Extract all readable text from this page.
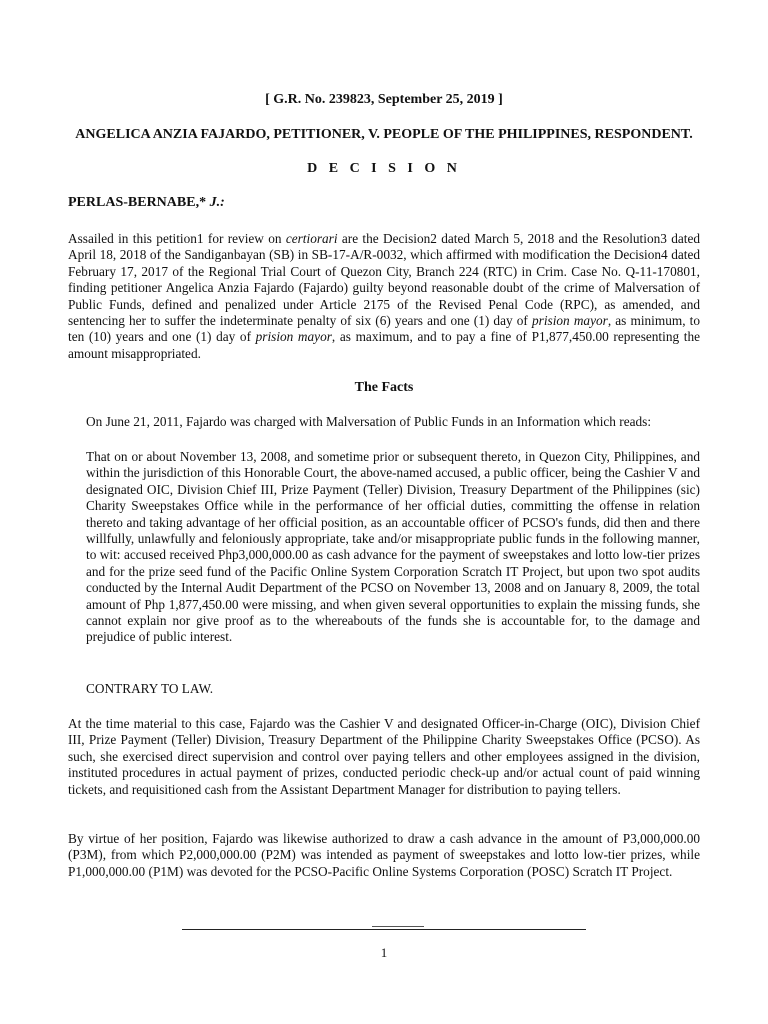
[ G.R. No. 239823, September 25, 2019 ]
ANGELICA ANZIA FAJARDO, PETITIONER, V. PEOPLE OF THE PHILIPPINES, RESPONDENT.
D E C I S I O N
PERLAS-BERNABE,* J.:

Assailed in this petition1 for review on certiorari are the Decision2 dated March 5, 2018 and the Resolution3 dated April 18, 2018 of the Sandiganbayan (SB) in SB-17-A/R-0032, which affirmed with modification the Decision4 dated February 17, 2017 of the Regional Trial Court of Quezon City, Branch 224 (RTC) in Crim. Case No. Q-11-170801, finding petitioner Angelica Anzia Fajardo (Fajardo) guilty beyond reasonable doubt of the crime of Malversation of Public Funds, defined and penalized under Article 2175 of the Revised Penal Code (RPC), as amended, and sentencing her to suffer the indeterminate penalty of six (6) years and one (1) day of prision mayor, as minimum, to ten (10) years and one (1) day of prision mayor, as maximum, and to pay a fine of P1,877,450.00 representing the amount misappropriated.

The Facts

On June 21, 2011, Fajardo was charged with Malversation of Public Funds in an Information which reads:

That on or about November 13, 2008, and sometime prior or subsequent thereto, in Quezon City, Philippines, and within the jurisdiction of this Honorable Court, the above-named accused, a public officer, being the Cashier V and designated OIC, Division Chief III, Prize Payment (Teller) Division, Treasury Department of the Philippines (sic) Charity Sweepstakes Office while in the performance of her official duties, committing the offense in relation thereto and taking advantage of her official position, as an accountable officer of PCSO's funds, did then and there willfully, unlawfully and feloniously appropriate, take and/or misappropriate public funds in the following manner, to wit: accused received Php3,000,000.00 as cash advance for the payment of sweepstakes and lotto low-tier prizes and for the prize seed fund of the Pacific Online System Corporation Scratch IT Project, but upon two spot audits conducted by the Internal Audit Department of the PCSO on November 13, 2008 and on January 8, 2009, the total amount of Php 1,877,450.00 were missing, and when given several opportunities to explain the missing funds, she cannot explain nor give proof as to the whereabouts of the funds she is accountable for, to the damage and prejudice of public interest.

CONTRARY TO LAW.

At the time material to this case, Fajardo was the Cashier V and designated Officer-in-Charge (OIC), Division Chief III, Prize Payment (Teller) Division, Treasury Department of the Philippine Charity Sweepstakes Office (PCSO). As such, she exercised direct supervision and control over paying tellers and other employees assigned in the division, instituted procedures in actual payment of prizes, conducted periodic check-up and/or actual count of paid winning tickets, and requisitioned cash from the Assistant Department Manager for distribution to paying tellers.

By virtue of her position, Fajardo was likewise authorized to draw a cash advance in the amount of P3,000,000.00 (P3M), from which P2,000,000.00 (P2M) was intended as payment of sweepstakes and lotto low-tier prizes, while P1,000,000.00 (P1M) was devoted for the PCSO-Pacific Online Systems Corporation (POSC) Scratch IT Project.

1
